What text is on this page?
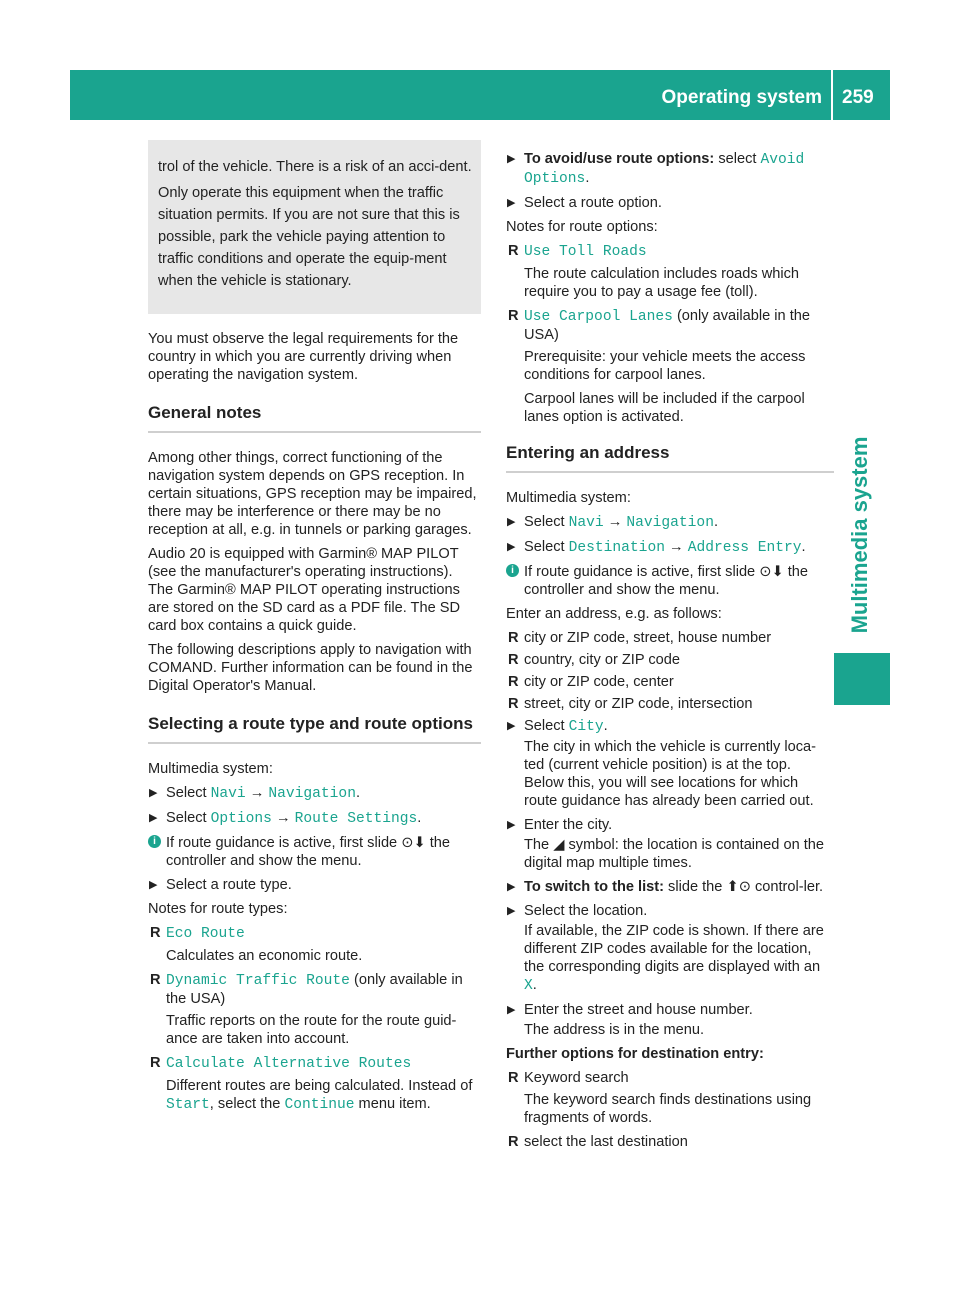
Operating system 259
Multimedia system

trol of the vehicle. There is a risk of an acci-dent.

Only operate this equipment when the traffic situation permits. If you are not sure that this is possible, park the vehicle paying attention to traffic conditions and operate the equip-ment when the vehicle is stationary.

You must observe the legal requirements for the country in which you are currently driving when operating the navigation system.

General notes

Among other things, correct functioning of the navigation system depends on GPS reception. In certain situations, GPS reception may be impaired, there may be interference or there may be no reception at all, e.g. in tunnels or parking garages.

Audio 20 is equipped with Garmin® MAP PILOT (see the manufacturer's operating instructions). The Garmin® MAP PILOT operating instructions are stored on the SD card as a PDF file. The SD card box contains a quick guide.

The following descriptions apply to navigation with COMAND. Further information can be found in the Digital Operator's Manual.

Selecting a route type and route options

Multimedia system:

▶ Select Navi → Navigation.
▶ Select Options → Route Settings.
i If route guidance is active, first slide ⊙⬇ the controller and show the menu.
▶ Select a route type.

Notes for route types:

R Eco Route

Calculates an economic route.

R Dynamic Traffic Route (only available in the USA)

Traffic reports on the route for the route guid-ance are taken into account.

R Calculate Alternative Routes

Different routes are being calculated. Instead of Start, select the Continue menu item.

▶ To avoid/use route options: select Avoid Options.
▶ Select a route option.

Notes for route options:

R Use Toll Roads

The route calculation includes roads which require you to pay a usage fee (toll).

R Use Carpool Lanes (only available in the USA)

Prerequisite: your vehicle meets the access conditions for carpool lanes.

Carpool lanes will be included if the carpool lanes option is activated.

Entering an address

Multimedia system:

▶ Select Navi → Navigation.
▶ Select Destination → Address Entry.
i If route guidance is active, first slide ⊙⬇ the controller and show the menu.

Enter an address, e.g. as follows:

R city or ZIP code, street, house number
R country, city or ZIP code
R city or ZIP code, center
R street, city or ZIP code, intersection
▶ Select City.

The city in which the vehicle is currently loca-ted (current vehicle position) is at the top. Below this, you will see locations for which route guidance has already been carried out.

▶ Enter the city.

The ◢ symbol: the location is contained on the digital map multiple times.

▶ To switch to the list: slide the ⬆⊙ control-ler.
▶ Select the location.

If available, the ZIP code is shown. If there are different ZIP codes available for the location, the corresponding digits are displayed with an X.

▶ Enter the street and house number.

The address is in the menu.

Further options for destination entry:

R Keyword search

The keyword search finds destinations using fragments of words.

R select the last destination
